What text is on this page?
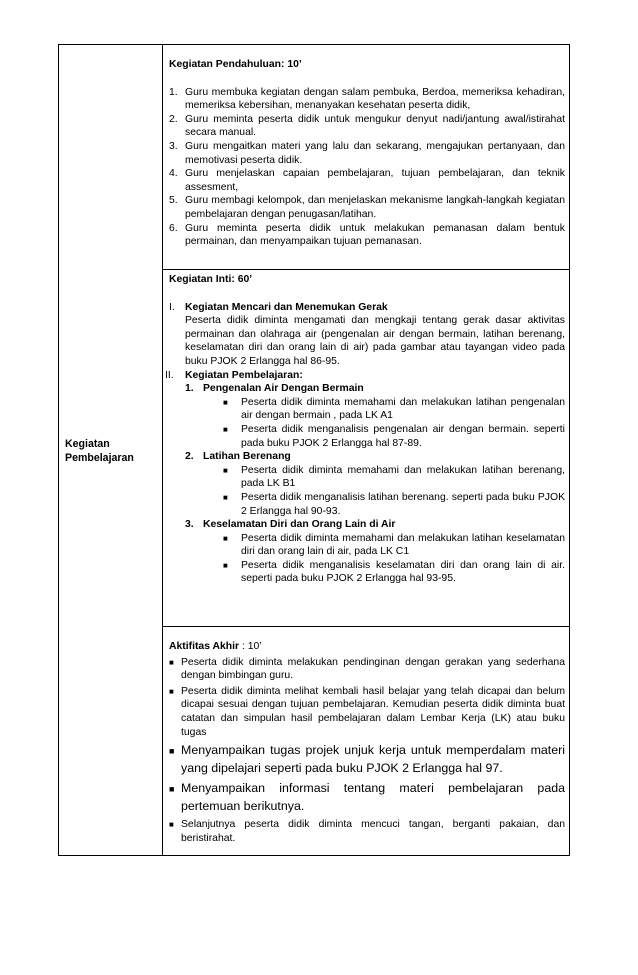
Kegiatan Pembelajaran
Kegiatan Pendahuluan: 10’
1. Guru membuka kegiatan dengan salam pembuka, Berdoa, memeriksa kehadiran, memeriksa kebersihan, menanyakan kesehatan peserta didik,
2. Guru meminta peserta didik untuk mengukur denyut nadi/jantung awal/istirahat secara manual.
3. Guru mengaitkan materi yang lalu dan sekarang, mengajukan pertanyaan, dan memotivasi peserta didik.
4. Guru menjelaskan capaian pembelajaran, tujuan pembelajaran, dan teknik assesment,
5. Guru membagi kelompok, dan menjelaskan mekanisme langkah-langkah kegiatan pembelajaran dengan penugasan/latihan.
6. Guru meminta peserta didik untuk melakukan pemanasan dalam bentuk permainan, dan menyampaikan tujuan pemanasan.
Kegiatan Inti: 60’
I. Kegiatan Mencari dan Menemukan Gerak
Peserta didik diminta mengamati dan mengkaji tentang gerak dasar aktivitas permainan dan olahraga air (pengenalan air dengan bermain, latihan berenang, keselamatan diri dan orang lain di air) pada gambar atau tayangan video pada buku PJOK 2 Erlangga hal 86-95.
II. Kegiatan Pembelajaran:
1. Pengenalan Air Dengan Bermain
■ Peserta didik diminta memahami dan melakukan latihan pengenalan air dengan bermain , pada LK A1
■ Peserta didik menganalisis pengenalan air dengan bermain. seperti pada buku PJOK 2 Erlangga hal 87-89.
2. Latihan Berenang
■ Peserta didik diminta memahami dan melakukan latihan berenang, pada LK B1
■ Peserta didik menganalisis latihan berenang. seperti pada buku PJOK 2 Erlangga hal 90-93.
3. Keselamatan Diri dan Orang Lain di Air
■ Peserta didik diminta memahami dan melakukan latihan keselamatan diri dan orang lain di air, pada LK C1
■ Peserta didik menganalisis keselamatan diri dan orang lain di air. seperti pada buku PJOK 2 Erlangga hal 93-95.
Aktifitas Akhir : 10’
■ Peserta didik diminta melakukan pendinginan dengan gerakan yang sederhana dengan bimbingan guru.
■ Peserta didik diminta melihat kembali hasil belajar yang telah dicapai dan belum dicapai sesuai dengan tujuan pembelajaran. Kemudian peserta didik diminta buat catatan dan simpulan hasil pembelajaran dalam Lembar Kerja (LK) atau buku tugas
■ Menyampaikan tugas projek unjuk kerja untuk memperdalam materi yang dipelajari seperti pada buku PJOK 2 Erlangga hal 97.
■ Menyampaikan informasi tentang materi pembelajaran pada pertemuan berikutnya.
■ Selanjutnya peserta didik diminta mencuci tangan, berganti pakaian, dan beristirahat.
